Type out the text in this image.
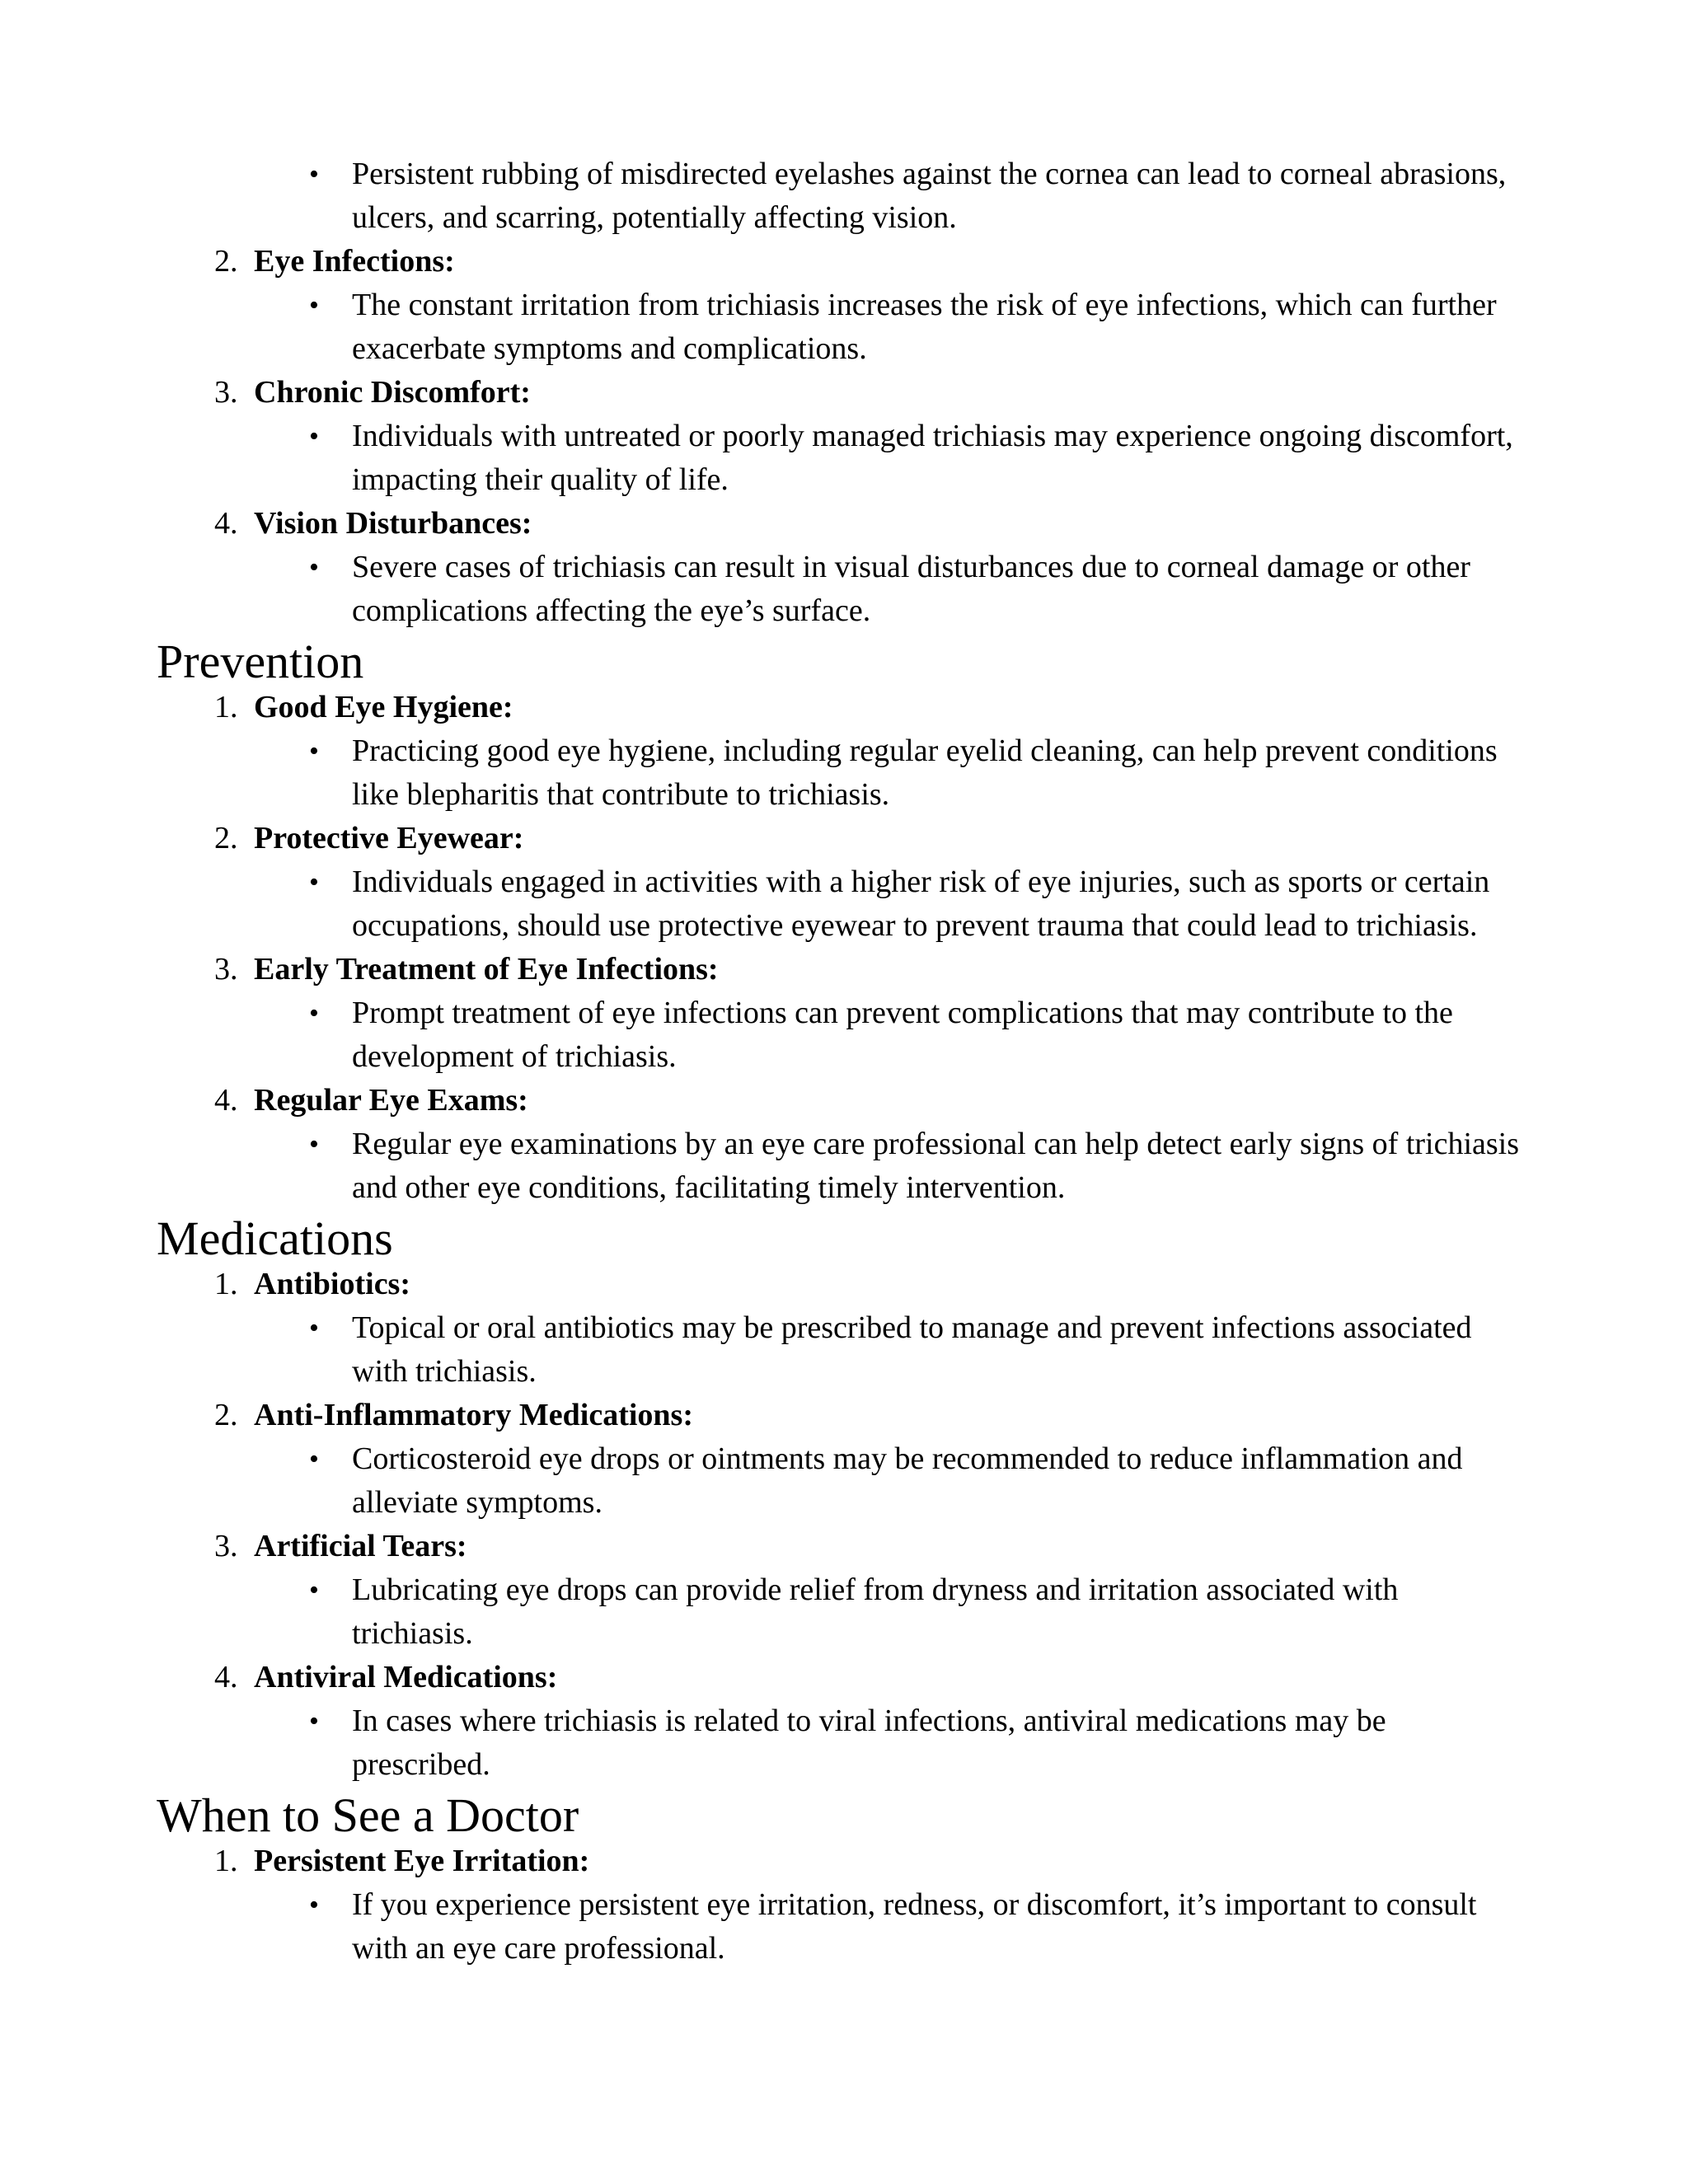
• Persistent rubbing of misdirected eyelashes against the cornea can lead to corneal abrasions, ulcers, and scarring, potentially affecting vision.
2. Eye Infections:
• The constant irritation from trichiasis increases the risk of eye infections, which can further exacerbate symptoms and complications.
3. Chronic Discomfort:
• Individuals with untreated or poorly managed trichiasis may experience ongoing discomfort, impacting their quality of life.
4. Vision Disturbances:
• Severe cases of trichiasis can result in visual disturbances due to corneal damage or other complications affecting the eye’s surface.
Prevention
1. Good Eye Hygiene:
• Practicing good eye hygiene, including regular eyelid cleaning, can help prevent conditions like blepharitis that contribute to trichiasis.
2. Protective Eyewear:
• Individuals engaged in activities with a higher risk of eye injuries, such as sports or certain occupations, should use protective eyewear to prevent trauma that could lead to trichiasis.
3. Early Treatment of Eye Infections:
• Prompt treatment of eye infections can prevent complications that may contribute to the development of trichiasis.
4. Regular Eye Exams:
• Regular eye examinations by an eye care professional can help detect early signs of trichiasis and other eye conditions, facilitating timely intervention.
Medications
1. Antibiotics:
• Topical or oral antibiotics may be prescribed to manage and prevent infections associated with trichiasis.
2. Anti-Inflammatory Medications:
• Corticosteroid eye drops or ointments may be recommended to reduce inflammation and alleviate symptoms.
3. Artificial Tears:
• Lubricating eye drops can provide relief from dryness and irritation associated with trichiasis.
4. Antiviral Medications:
• In cases where trichiasis is related to viral infections, antiviral medications may be prescribed.
When to See a Doctor
1. Persistent Eye Irritation:
• If you experience persistent eye irritation, redness, or discomfort, it’s important to consult with an eye care professional.
